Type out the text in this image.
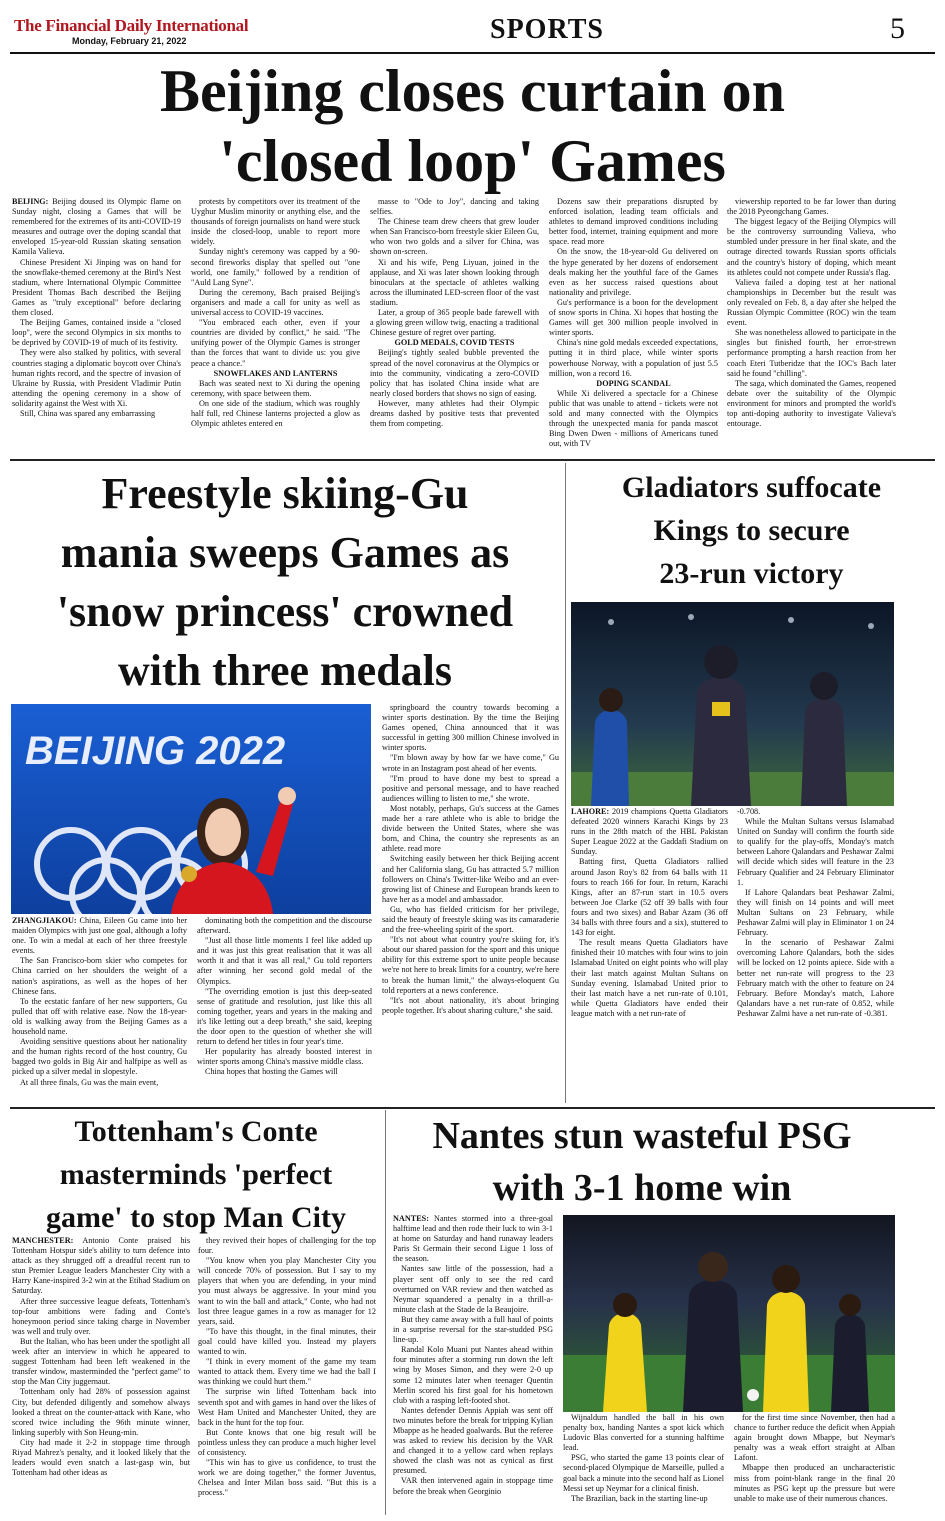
The Financial Daily International
Monday, February 21, 2022	SPORTS	5
Beijing closes curtain on
'closed loop' Games

BEIJING: Beijing doused its Olympic flame on Sunday night, closing a Games that will be remembered for the extremes of its anti-COVID-19 measures and outrage over the doping scandal that enveloped 15-year-old Russian skating sensation Kamila Valieva.

Chinese President Xi Jinping was on hand for the snowflake-themed ceremony at the Bird's Nest stadium, where International Olympic Committee President Thomas Bach described the Beijing Games as "truly exceptional" before declaring them closed.

The Beijing Games, contained inside a "closed loop", were the second Olympics in six months to be deprived by COVID-19 of much of its festivity.

They were also stalked by politics, with several countries staging a diplomatic boycott over China's human rights record, and the spectre of invasion of Ukraine by Russia, with President Vladimir Putin attending the opening ceremony in a show of solidarity against the West with Xi.

Still, China was spared any embarrassing

protests by competitors over its treatment of the Uyghur Muslim minority or anything else, and the thousands of foreign journalists on hand were stuck inside the closed-loop, unable to report more widely.

Sunday night's ceremony was capped by a 90-second fireworks display that spelled out "one world, one family," followed by a rendition of "Auld Lang Syne".

During the ceremony, Bach praised Beijing's organisers and made a call for unity as well as universal access to COVID-19 vaccines.

"You embraced each other, even if your countries are divided by conflict," he said. "The unifying power of the Olympic Games is stronger than the forces that want to divide us: you give peace a chance."

SNOWFLAKES AND LANTERNS

Bach was seated next to Xi during the opening ceremony, with space between them.

On one side of the stadium, which was roughly half full, red Chinese lanterns projected a glow as Olympic athletes entered en

masse to "Ode to Joy", dancing and taking selfies.

The Chinese team drew cheers that grew louder when San Francisco-born freestyle skier Eileen Gu, who won two golds and a silver for China, was shown on-screen.

Xi and his wife, Peng Liyuan, joined in the applause, and Xi was later shown looking through binoculars at the spectacle of athletes walking across the illuminated LED-screen floor of the vast stadium.

Later, a group of 365 people bade farewell with a glowing green willow twig, enacting a traditional Chinese gesture of regret over parting.

GOLD MEDALS, COVID TESTS

Beijing's tightly sealed bubble prevented the spread of the novel coronavirus at the Olympics or into the community, vindicating a zero-COVID policy that has isolated China inside what are nearly closed borders that shows no sign of easing.

However, many athletes had their Olympic dreams dashed by positive tests that prevented them from competing.

Dozens saw their preparations disrupted by enforced isolation, leading team officials and athletes to demand improved conditions including better food, internet, training equipment and more space. read more

On the snow, the 18-year-old Gu delivered on the hype generated by her dozens of endorsement deals making her the youthful face of the Games even as her success raised questions about nationality and privilege.

Gu's performance is a boon for the development of snow sports in China. Xi hopes that hosting the Games will get 300 million people involved in winter sports.

China's nine gold medals exceeded expectations, putting it in third place, while winter sports powerhouse Norway, with a population of just 5.5 million, won a record 16.

DOPING SCANDAL

While Xi delivered a spectacle for a Chinese public that was unable to attend - tickets were not sold and many connected with the Olympics through the unexpected mania for panda mascot Bing Dwen Dwen - millions of Americans tuned out, with TV

viewership reported to be far lower than during the 2018 Pyeongchang Games.

The biggest legacy of the Beijing Olympics will be the controversy surrounding Valieva, who stumbled under pressure in her final skate, and the outrage directed towards Russian sports officials and the country's history of doping, which meant its athletes could not compete under Russia's flag.

Valieva failed a doping test at her national championships in December but the result was only revealed on Feb. 8, a day after she helped the Russian Olympic Committee (ROC) win the team event.

She was nonetheless allowed to participate in the singles but finished fourth, her error-strewn performance prompting a harsh reaction from her coach Eteri Tutberidze that the IOC's Bach later said he found "chilling".

The saga, which dominated the Games, reopened debate over the suitability of the Olympic environment for minors and prompted the world's top anti-doping authority to investigate Valieva's entourage.

Freestyle skiing-Gu
mania sweeps Games as
'snow princess' crowned
with three medals
BEIJING 2022

ZHANGJIAKOU: China, Eileen Gu came into her maiden Olympics with just one goal, although a lofty one. To win a medal at each of her three freestyle events.

The San Francisco-born skier who competes for China carried on her shoulders the weight of a nation's aspirations, as well as the hopes of her Chinese fans.

To the ecstatic fanfare of her new supporters, Gu pulled that off with relative ease. Now the 18-year-old is walking away from the Beijing Games as a household name.

Avoiding sensitive questions about her nationality and the human rights record of the host country, Gu bagged two golds in Big Air and halfpipe as well as picked up a silver medal in slopestyle.

At all three finals, Gu was the main event,

dominating both the competition and the discourse afterward.

"Just all those little moments I feel like added up and it was just this great realisation that it was all worth it and that it was all real," Gu told reporters after winning her second gold medal of the Olympics.

"The overriding emotion is just this deep-seated sense of gratitude and resolution, just like this all coming together, years and years in the making and it's like letting out a deep breath," she said, keeping the door open to the question of whether she will return to defend her titles in four year's time.

Her popularity has already boosted interest in winter sports among China's massive middle class.

China hopes that hosting the Games will

springboard the country towards becoming a winter sports destination. By the time the Beijing Games opened, China announced that it was successful in getting 300 million Chinese involved in winter sports.

"I'm blown away by how far we have come," Gu wrote in an Instagram post ahead of her events.

"I'm proud to have done my best to spread a positive and personal message, and to have reached audiences willing to listen to me," she wrote.

Most notably, perhaps, Gu's success at the Games made her a rare athlete who is able to bridge the divide between the United States, where she was born, and China, the country she represents as an athlete. read more

Switching easily between her thick Beijing accent and her California slang, Gu has attracted 5.7 million followers on China's Twitter-like Weibo and an ever-growing list of Chinese and European brands keen to have her as a model and ambassador.

Gu, who has fielded criticism for her privilege, said the beauty of freestyle skiing was its camaraderie and the free-wheeling spirit of the sport.

"It's not about what country you're skiing for, it's about our shared passion for the sport and this unique ability for this extreme sport to unite people because we're not here to break limits for a country, we're here to break the human limit," the always-eloquent Gu told reporters at a news conference.

"It's not about nationality, it's about bringing people together. It's about sharing culture," she said.

Gladiators suffocate
Kings to secure
23-run victory

LAHORE: 2019 champions Quetta Gladiators defeated 2020 winners Karachi Kings by 23 runs in the 28th match of the HBL Pakistan Super League 2022 at the Gaddafi Stadium on Sunday.

Batting first, Quetta Gladiators rallied around Jason Roy's 82 from 64 balls with 11 fours to reach 166 for four. In return, Karachi Kings, after an 87-run start in 10.5 overs between Joe Clarke (52 off 39 balls with four fours and two sixes) and Babar Azam (36 off 34 balls with three fours and a six), stuttered to 143 for eight.

The result means Quetta Gladiators have finished their 10 matches with four wins to join Islamabad United on eight points who will play their last match against Multan Sultans on Sunday evening. Islamabad United prior to their last match have a net run-rate of 0.101, while Quetta Gladiators have ended their league match with a net run-rate of

-0.708.

While the Multan Sultans versus Islamabad United on Sunday will confirm the fourth side to qualify for the play-offs, Monday's match between Lahore Qalandars and Peshawar Zalmi will decide which sides will feature in the 23 February Qualifier and 24 February Eliminator 1.

If Lahore Qalandars beat Peshawar Zalmi, they will finish on 14 points and will meet Multan Sultans on 23 February, while Peshawar Zalmi will play in Eliminator 1 on 24 February.

In the scenario of Peshawar Zalmi overcoming Lahore Qalandars, both the sides will be locked on 12 points apiece. Side with a better net run-rate will progress to the 23 February match with the other to feature on 24 February. Before Monday's match, Lahore Qalandars have a net run-rate of 0.852, while Peshawar Zalmi have a net run-rate of -0.381.

Tottenham's Conte
masterminds 'perfect
game' to stop Man City

MANCHESTER: Antonio Conte praised his Tottenham Hotspur side's ability to turn defence into attack as they shrugged off a dreadful recent run to stun Premier League leaders Manchester City with a Harry Kane-inspired 3-2 win at the Etihad Stadium on Saturday.

After three successive league defeats, Tottenham's top-four ambitions were fading and Conte's honeymoon period since taking charge in November was well and truly over.

But the Italian, who has been under the spotlight all week after an interview in which he appeared to suggest Tottenham had been left weakened in the transfer window, masterminded the "perfect game" to stop the Man City juggernaut.

Tottenham only had 28% of possession against City, but defended diligently and somehow always looked a threat on the counter-attack with Kane, who scored twice including the 96th minute winner, linking superbly with Son Heung-min.

City had made it 2-2 in stoppage time through Riyad Mahrez's penalty, and it looked likely that the leaders would even snatch a last-gasp win, but Tottenham had other ideas as

they revived their hopes of challenging for the top four.

"You know when you play Manchester City you will concede 70% of possession. But I say to my players that when you are defending, in your mind you must always be aggressive. In your mind you want to win the ball and attack," Conte, who had not lost three league games in a row as manager for 12 years, said.

"To have this thought, in the final minutes, their goal could have killed you. Instead my players wanted to win.

"I think in every moment of the game my team wanted to attack them. Every time we had the ball I was thinking we could hurt them."

The surprise win lifted Tottenham back into seventh spot and with games in hand over the likes of West Ham United and Manchester United, they are back in the hunt for the top four.

But Conte knows that one big result will be pointless unless they can produce a much higher level of consistency.

"This win has to give us confidence, to trust the work we are doing together," the former Juventus, Chelsea and Inter Milan boss said. "But this is a process."

Nantes stun wasteful PSG
with 3-1 home win

NANTES: Nantes stormed into a three-goal halftime lead and then rode their luck to win 3-1 at home on Saturday and hand runaway leaders Paris St Germain their second Ligue 1 loss of the season.

Nantes saw little of the possession, had a player sent off only to see the red card overturned on VAR review and then watched as Neymar squandered a penalty in a thrill-a-minute clash at the Stade de la Beaujoire.

But they came away with a full haul of points in a surprise reversal for the star-studded PSG line-up.

Randal Kolo Muani put Nantes ahead within four minutes after a storming run down the left wing by Moses Simon, and they were 2-0 up some 12 minutes later when teenager Quentin Merlin scored his first goal for his hometown club with a rasping left-footed shot.

Nantes defender Dennis Appiah was sent off two minutes before the break for tripping Kylian Mbappe as he headed goalwards. But the referee was asked to review his decision by the VAR and changed it to a yellow card when replays showed the clash was not as cynical as first presumed.

VAR then intervened again in stoppage time before the break when Georginio

Wijnaldum handled the ball in his own penalty box, handing Nantes a spot kick which Ludovic Blas converted for a stunning halftime lead.

PSG, who started the game 13 points clear of second-placed Olympique de Marseille, pulled a goal back a minute into the second half as Lionel Messi set up Neymar for a clinical finish.

The Brazilian, back in the starting line-up

for the first time since November, then had a chance to further reduce the deficit when Appiah again brought down Mbappe, but Neymar's penalty was a weak effort straight at Alban Lafont.

Mbappe then produced an uncharacteristic miss from point-blank range in the final 20 minutes as PSG kept up the pressure but were unable to make use of their numerous chances.
